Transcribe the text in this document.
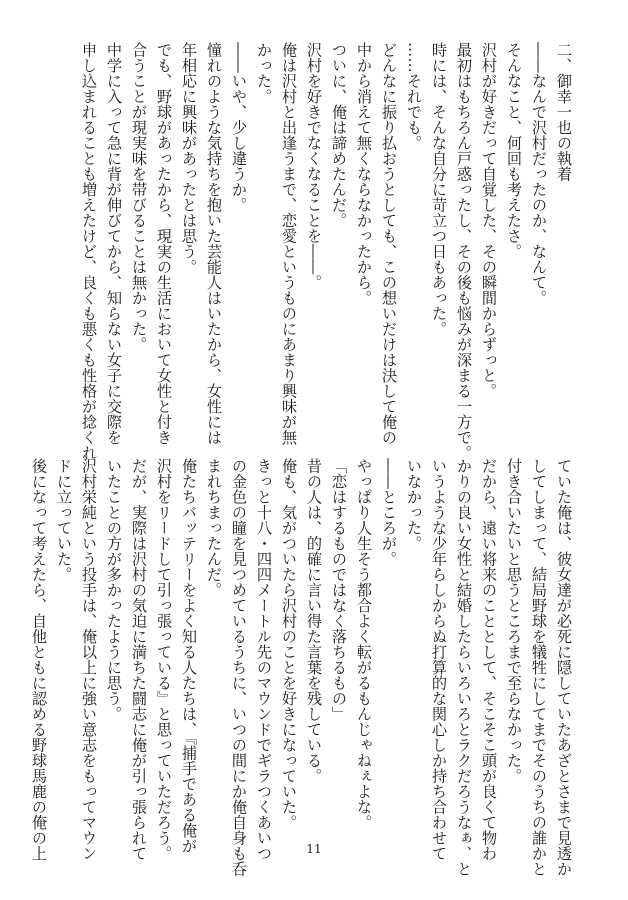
二、御幸一也の執着
――なんで沢村だったのか、なんて。
そんなこと、何回も考えたさ。
沢村が好きだって自覚した、その瞬間からずっと。
最初はもちろん戸惑ったし、その後も悩みが深まる一方で。
時には、そんな自分に苛立つ日もあった。
……それでも。
どんなに振り払おうとしても、この想いだけは決して俺の
中から消えて無くならなかったから。
ついに、俺は諦めたんだ。
沢村を好きでなくなることを――。
俺は沢村と出逢うまで、恋愛というものにあまり興味が無
かった。
――いや、少し違うか。
憧れのような気持ちを抱いた芸能人はいたから、女性には
年相応に興味があったとは思う。
でも、野球があったから、現実の生活において女性と付き
合うことが現実味を帯びることは無かった。
中学に入って急に背が伸びてから、知らない女子に交際を
申し込まれることも増えたけど、良くも悪くも性格が捻くれ
ていた俺は、彼女達が必死に隠していたあざとさまで見透か
してしまって、結局野球を犠牲にしてまでそのうちの誰かと
付き合いたいと思うところまで至らなかった。
だから、遠い将来のこととして、そこそこ頭が良くて物わ
かりの良い女性と結婚したらいろいろとラクだろうなぁ、と
いうような少年らしからぬ打算的な関心しか持ち合わせて
いなかった。
――ところが。
やっぱり人生そう都合よく転がるもんじゃねぇよな。
「恋はするものではなく落ちるもの」
昔の人は、的確に言い得た言葉を残している。
俺も、気がついたら沢村のことを好きになっていた。
きっと十八・四四メートル先のマウンドでギラつくあいつ
の金色の瞳を見つめているうちに、いつの間にか俺自身も呑
まれちまったんだ。
俺たちバッテリーをよく知る人たちは、『捕手である俺が
沢村をリードして引っ張っている』と思っていただろう。
だが、実際は沢村の気迫に満ちた闘志に俺が引っ張られて
いたことの方が多かったように思う。
沢村栄純という投手は、俺以上に強い意志をもってマウン
ドに立っていた。
後になって考えたら、自他ともに認める野球馬鹿の俺の上	11
